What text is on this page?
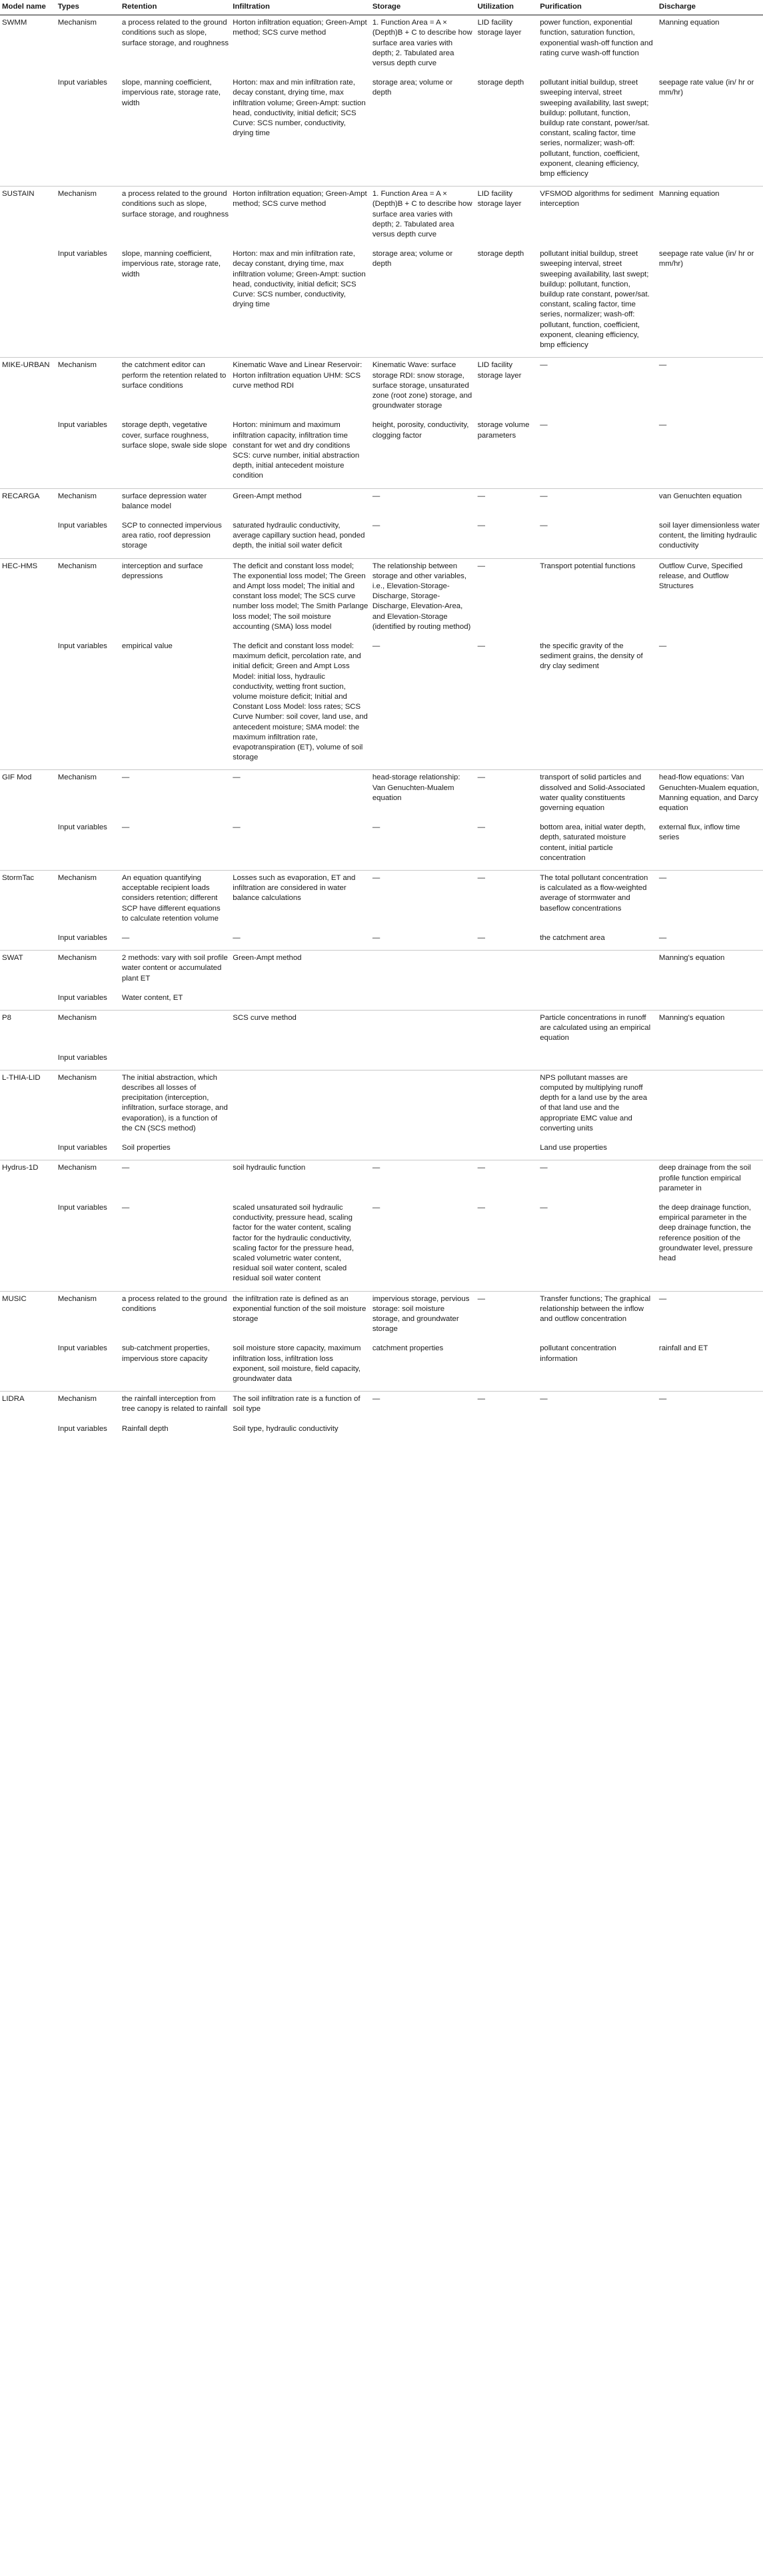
Model name	Types	Retention	Infiltration	Storage	Utilization	Purification	Discharge
SWMM	Mechanism	a process related to the ground conditions such as slope, surface storage, and roughness	Horton infiltration equation; Green-Ampt method; SCS curve method	1. Function Area = A × (Depth)B + C to describe how surface area varies with depth; 2. Tabulated area versus depth curve	LID facility storage layer	power function, exponential function, saturation function, exponential wash-off function and rating curve wash-off function	Manning equation
	Input variables	slope, manning coefficient, impervious rate, storage rate, width	Horton: max and min infiltration rate, decay constant, drying time, max infiltration volume; Green-Ampt: suction head, conductivity, initial deficit; SCS Curve: SCS number, conductivity, drying time	storage area; volume or depth	storage depth	pollutant initial buildup, street sweeping interval, street sweeping availability, last swept; buildup: pollutant, function, buildup rate constant, power/sat. constant, scaling factor, time series, normalizer; wash-off: pollutant, function, coefficient, exponent, cleaning efficiency, bmp efficiency	seepage rate value (in/ hr or mm/hr)
SUSTAIN	Mechanism	a process related to the ground conditions such as slope, surface storage, and roughness	Horton infiltration equation; Green-Ampt method; SCS curve method	1. Function Area = A × (Depth)B + C to describe how surface area varies with depth; 2. Tabulated area versus depth curve	LID facility storage layer	VFSMOD algorithms for sediment interception	Manning equation
	Input variables	slope, manning coefficient, impervious rate, storage rate, width	Horton: max and min infiltration rate, decay constant, drying time, max infiltration volume; Green-Ampt: suction head, conductivity, initial deficit; SCS Curve: SCS number, conductivity, drying time	storage area; volume or depth	storage depth	pollutant initial buildup, street sweeping interval, street sweeping availability, last swept; buildup: pollutant, function, buildup rate constant, power/sat. constant, scaling factor, time series, normalizer; wash-off: pollutant, function, coefficient, exponent, cleaning efficiency, bmp efficiency	seepage rate value (in/ hr or mm/hr)
MIKE-URBAN	Mechanism	the catchment editor can perform the retention related to surface conditions	Kinematic Wave and Linear Reservoir: Horton infiltration equation UHM: SCS curve method RDI	Kinematic Wave: surface storage RDI: snow storage, surface storage, unsaturated zone (root zone) storage, and groundwater storage	LID facility storage layer	—	—
	Input variables	storage depth, vegetative cover, surface roughness, surface slope, swale side slope	Horton: minimum and maximum infiltration capacity, infiltration time constant for wet and dry conditions SCS: curve number, initial abstraction depth, initial antecedent moisture condition	height, porosity, conductivity, clogging factor	storage volume parameters	—	—
RECARGA	Mechanism	surface depression water balance model	Green-Ampt method	—	—	—	van Genuchten equation
	Input variables	SCP to connected impervious area ratio, roof depression storage	saturated hydraulic conductivity, average capillary suction head, ponded depth, the initial soil water deficit	—	—	—	soil layer dimensionless water content, the limiting hydraulic conductivity
HEC-HMS	Mechanism	interception and surface depressions	The deficit and constant loss model; The exponential loss model; The Green and Ampt loss model; The initial and constant loss model; The SCS curve number loss model; The Smith Parlange loss model; The soil moisture accounting (SMA) loss model	The relationship between storage and other variables, i.e., Elevation-Storage-Discharge, Storage-Discharge, Elevation-Area, and Elevation-Storage (identified by routing method)	—	Transport potential functions	Outflow Curve, Specified release, and Outflow Structures
	Input variables	empirical value	The deficit and constant loss model: maximum deficit, percolation rate, and initial deficit; Green and Ampt Loss Model: initial loss, hydraulic conductivity, wetting front suction, volume moisture deficit; Initial and Constant Loss Model: loss rates; SCS Curve Number: soil cover, land use, and antecedent moisture; SMA model: the maximum infiltration rate, evapotranspiration (ET), volume of soil storage	—	—	the specific gravity of the sediment grains, the density of dry clay sediment	—
GIF Mod	Mechanism	—	—	head-storage relationship: Van Genuchten-Mualem equation	—	transport of solid particles and dissolved and Solid-Associated water quality constituents governing equation	head-flow equations: Van Genuchten-Mualem equation, Manning equation, and Darcy equation
	Input variables	—	—	—	—	bottom area, initial water depth, depth, saturated moisture content, initial particle concentration	external flux, inflow time series
StormTac	Mechanism	An equation quantifying acceptable recipient loads considers retention; different SCP have different equations to calculate retention volume	Losses such as evaporation, ET and infiltration are considered in water balance calculations	—	—	The total pollutant concentration is calculated as a flow-weighted average of stormwater and baseflow concentrations	—
	Input variables	—	—	—	—	the catchment area	—
SWAT	Mechanism	2 methods: vary with soil profile water content or accumulated plant ET	Green-Ampt method				Manning's equation
	Input variables	Water content, ET					
P8	Mechanism		SCS curve method			Particle concentrations in runoff are calculated using an empirical equation	Manning's equation
	Input variables						
L-THIA-LID	Mechanism	The initial abstraction, which describes all losses of precipitation (interception, infiltration, surface storage, and evaporation), is a function of the CN (SCS method)				NPS pollutant masses are computed by multiplying runoff depth for a land use by the area of that land use and the appropriate EMC value and converting units	
	Input variables	Soil properties				Land use properties	
Hydrus-1D	Mechanism	—	soil hydraulic function	—	—	—	deep drainage from the soil profile function empirical parameter in
	Input variables	—	scaled unsaturated soil hydraulic conductivity, pressure head, scaling factor for the water content, scaling factor for the hydraulic conductivity, scaling factor for the pressure head, scaled volumetric water content, residual soil water content, scaled residual soil water content	—	—	—	the deep drainage function, empirical parameter in the deep drainage function, the reference position of the groundwater level, pressure head
MUSIC	Mechanism	a process related to the ground conditions	the infiltration rate is defined as an exponential function of the soil moisture storage	impervious storage, pervious storage: soil moisture storage, and groundwater storage	—	Transfer functions; The graphical relationship between the inflow and outflow concentration	—
	Input variables	sub-catchment properties, impervious store capacity	soil moisture store capacity, maximum infiltration loss, infiltration loss exponent, soil moisture, field capacity, groundwater data	catchment properties		pollutant concentration information	rainfall and ET
LIDRA	Mechanism	the rainfall interception from tree canopy is related to rainfall	The soil infiltration rate is a function of soil type	—	—	—	—
	Input variables	Rainfall depth	Soil type, hydraulic conductivity				
